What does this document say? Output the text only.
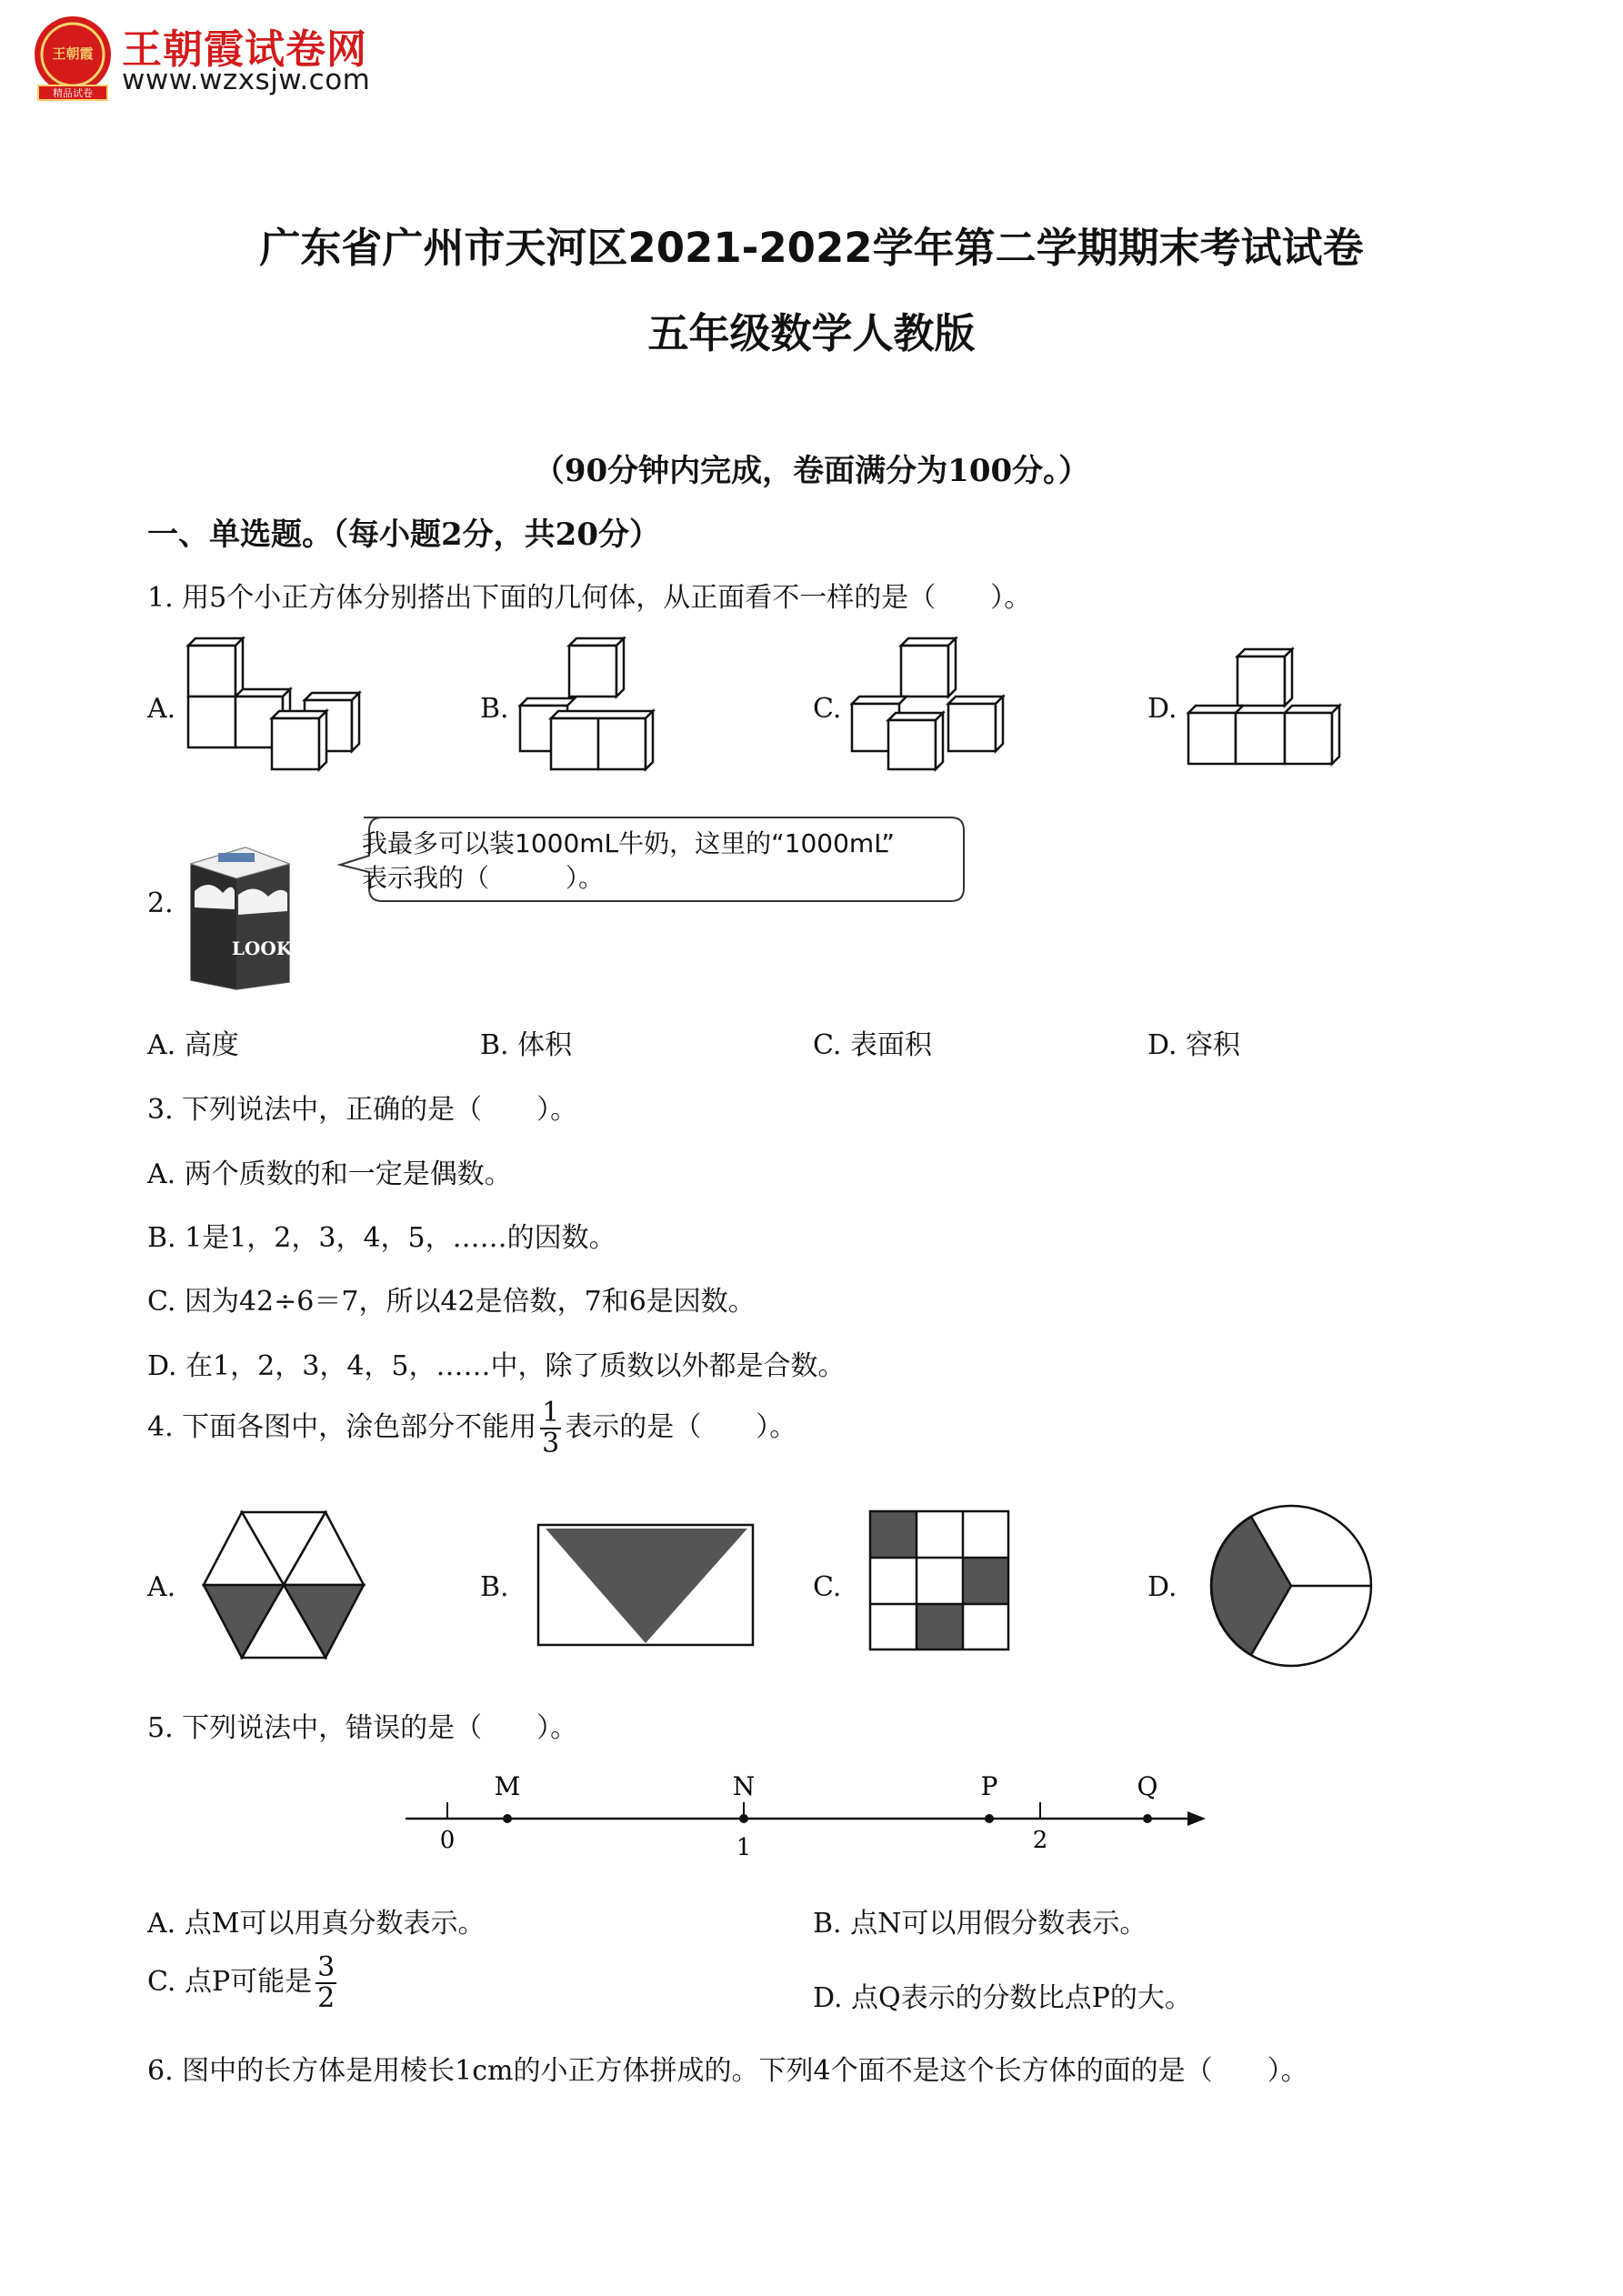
王朝霞
精品试卷
王朝霞试卷网
www.wzxsjw.com
广东省广州市天河区2021-2022学年第二学期期末考试试卷
五年级数学人教版
（90分钟内完成，卷面满分为100分。）
一、单选题。（每小题2分，共20分）
1. 用5个小正方体分别搭出下面的几何体，从正面看不一样的是（　　）。
A.	B.	C.	D.
2.
LOOK
我最多可以装1000mL牛奶，这里的“1000mL”
表示我的（　　　）。
A. 高度	B. 体积	C. 表面积	D. 容积
3. 下列说法中，正确的是（　　）。
A. 两个质数的和一定是偶数。
B. 1是1，2，3，4，5，……的因数。
C. 因为42÷6＝7，所以42是倍数，7和6是因数。
D. 在1，2，3，4，5，……中，除了质数以外都是合数。
4. 下面各图中，涂色部分不能用 $\frac{1}{3}$ 表示的是（　　）。
A.	B.	C.	D.
5. 下列说法中，错误的是（　　）。
M	N	P	Q
0	1	2
A. 点M可以用真分数表示。	B. 点N可以用假分数表示。
C. 点P可能是 $\frac{3}{2}$	D. 点Q表示的分数比点P的大。
6. 图中的长方体是用棱长1cm的小正方体拼成的。下列4个面不是这个长方体的面的是（　　）。
